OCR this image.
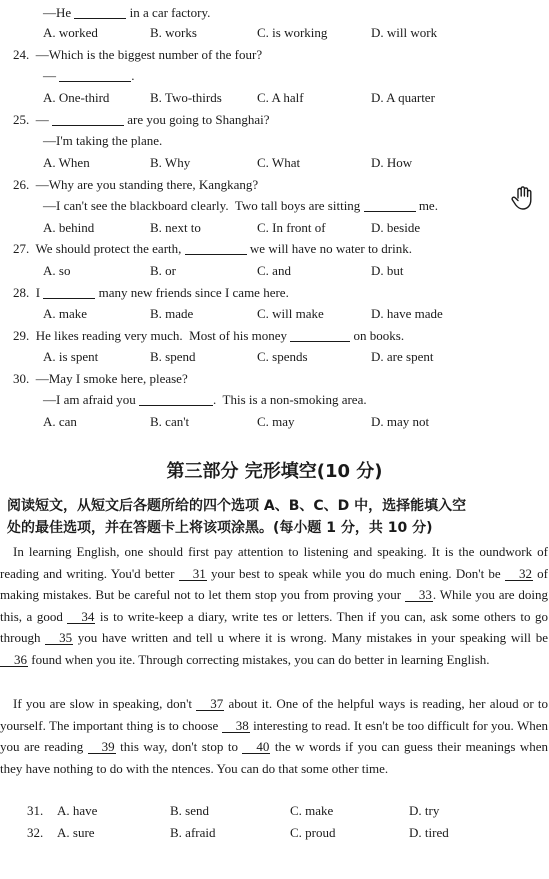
—He	in a car factory.
A. worked	B. works	C. is working	D. will work
24. —Which is the biggest number of the four?
—	.
A. One-third	B. Two-thirds	C. A half	D. A quarter
25. —	are you going to Shanghai?
—I'm taking the plane.
A. When	B. Why	C. What	D. How
26. —Why are you standing there, Kangkang?
—I can't see the blackboard clearly.  Two tall boys are sitting	me.
A. behind	B. next to	C. In front of	D. beside
27. We should protect the earth,	we will have no water to drink.
A. so	B. or	C. and	D. but
28. I	many new friends since I came here.
A. make	B. made	C. will make	D. have made
29. He likes reading very much.  Most of his money	on books.
A. is spent	B. spend	C. spends	D. are spent
30. —May I smoke here, please?
—I am afraid you	.  This is a non-smoking area.
A. can	B. can't	C. may	D. may not
第三部分 完形填空(10 分)
阅读短文，从短文后各题所给的四个选项 A、B、C、D 中，选择能填入空
处的最佳选项，并在答题卡上将该项涂黑。(每小题 1 分，共 10 分)
In learning English, one should first pay attention to listening and speaking. It is the oundwork of reading and writing. You'd better 31 your best to speak while you do much ening. Don't be 32 of making mistakes. But be careful not to let them stop you from proving your 33. While you are doing this, a good 34 is to write-keep a diary, write tes or letters. Then if you can, ask some others to go through 35 you have written and tell u where it is wrong. Many mistakes in your speaking will be 36 found when you ite. Through correcting mistakes, you can do better in learning English.
If you are slow in speaking, don't 37 about it. One of the helpful ways is reading, her aloud or to yourself. The important thing is to choose 38 interesting to read. It esn't be too difficult for you. When you are reading 39 this way, don't stop to 40 the w words if you can guess their meanings when they have nothing to do with the ntences. You can do that some other time.
31. A. have	B. send	C. make	D. try
32. A. sure	B. afraid	C. proud	D. tired
